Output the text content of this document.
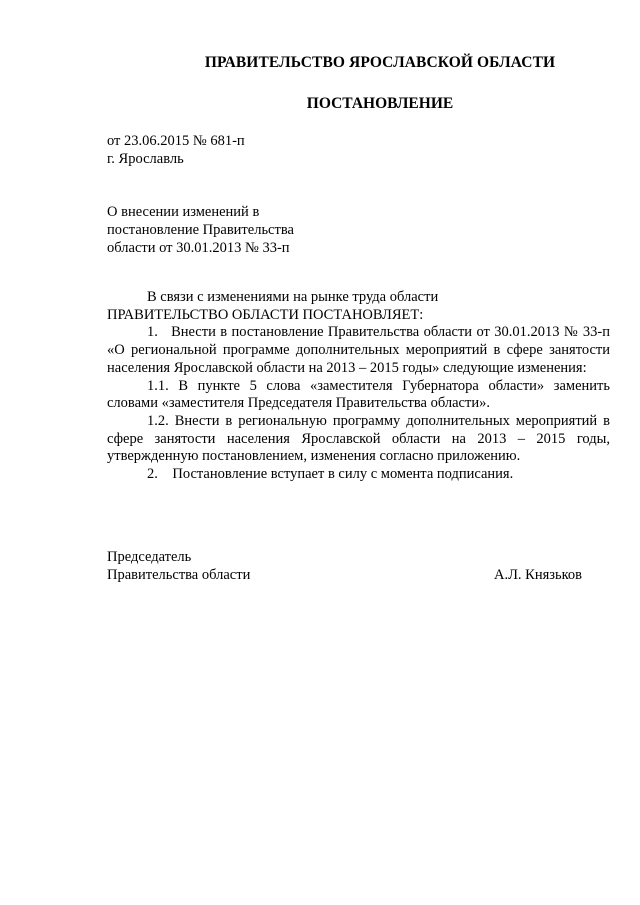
ПРАВИТЕЛЬСТВО ЯРОСЛАВСКОЙ ОБЛАСТИ
ПОСТАНОВЛЕНИЕ
от 23.06.2015 № 681-п
г. Ярославль
О внесении изменений в
постановление Правительства
области от 30.01.2013 № 33-п

В связи с изменениями на рынке труда области

ПРАВИТЕЛЬСТВО ОБЛАСТИ ПОСТАНОВЛЯЕТ:

1.   Внести в постановление Правительства области от 30.01.2013 № 33-п «О региональной программе дополнительных мероприятий в сфере занятости населения Ярославской области на 2013 – 2015 годы» следующие изменения:

1.1. В пункте 5 слова «заместителя Губернатора области» заменить словами «заместителя Председателя Правительства области».

1.2. Внести в региональную программу дополнительных мероприятий в сфере занятости населения Ярославской области на 2013 – 2015 годы, утвержденную постановлением, изменения согласно приложению.

2.    Постановление вступает в силу с момента подписания.

Председатель
Правительства области	А.Л. Князьков
